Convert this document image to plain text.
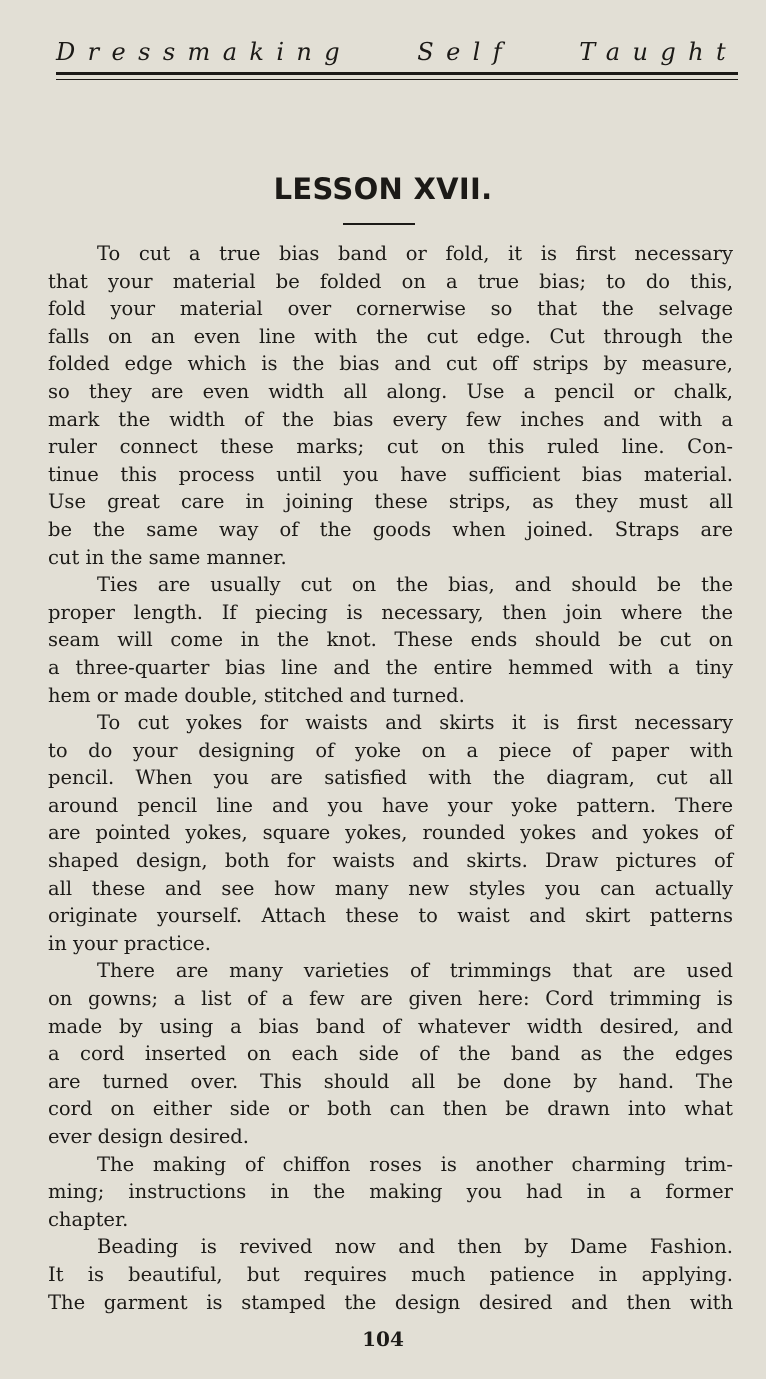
Dressmaking	Self	Taught
LESSON XVII.

To cut a true bias band or fold, it is first necessary
that your material be folded on a true bias; to do this,
fold your material over cornerwise so that the selvage
falls on an even line with the cut edge. Cut through the
folded edge which is the bias and cut off strips by measure,
so they are even width all along. Use a pencil or chalk,
mark the width of the bias every few inches and with a
ruler connect these marks; cut on this ruled line. Con-
tinue this process until you have sufficient bias material.
Use great care in joining these strips, as they must all
be the same way of the goods when joined. Straps are
cut in the same manner.

Ties are usually cut on the bias, and should be the
proper length. If piecing is necessary, then join where the
seam will come in the knot. These ends should be cut on
a three-quarter bias line and the entire hemmed with a tiny
hem or made double, stitched and turned.

To cut yokes for waists and skirts it is first necessary
to do your designing of yoke on a piece of paper with
pencil. When you are satisfied with the diagram, cut all
around pencil line and you have your yoke pattern. There
are pointed yokes, square yokes, rounded yokes and yokes of
shaped design, both for waists and skirts. Draw pictures of
all these and see how many new styles you can actually
originate yourself. Attach these to waist and skirt patterns
in your practice.

There are many varieties of trimmings that are used
on gowns; a list of a few are given here: Cord trimming is
made by using a bias band of whatever width desired, and
a cord inserted on each side of the band as the edges
are turned over. This should all be done by hand. The
cord on either side or both can then be drawn into what
ever design desired.

The making of chiffon roses is another charming trim-
ming; instructions in the making you had in a former
chapter.

Beading is revived now and then by Dame Fashion.
It is beautiful, but requires much patience in applying.
The garment is stamped the design desired and then with

104
